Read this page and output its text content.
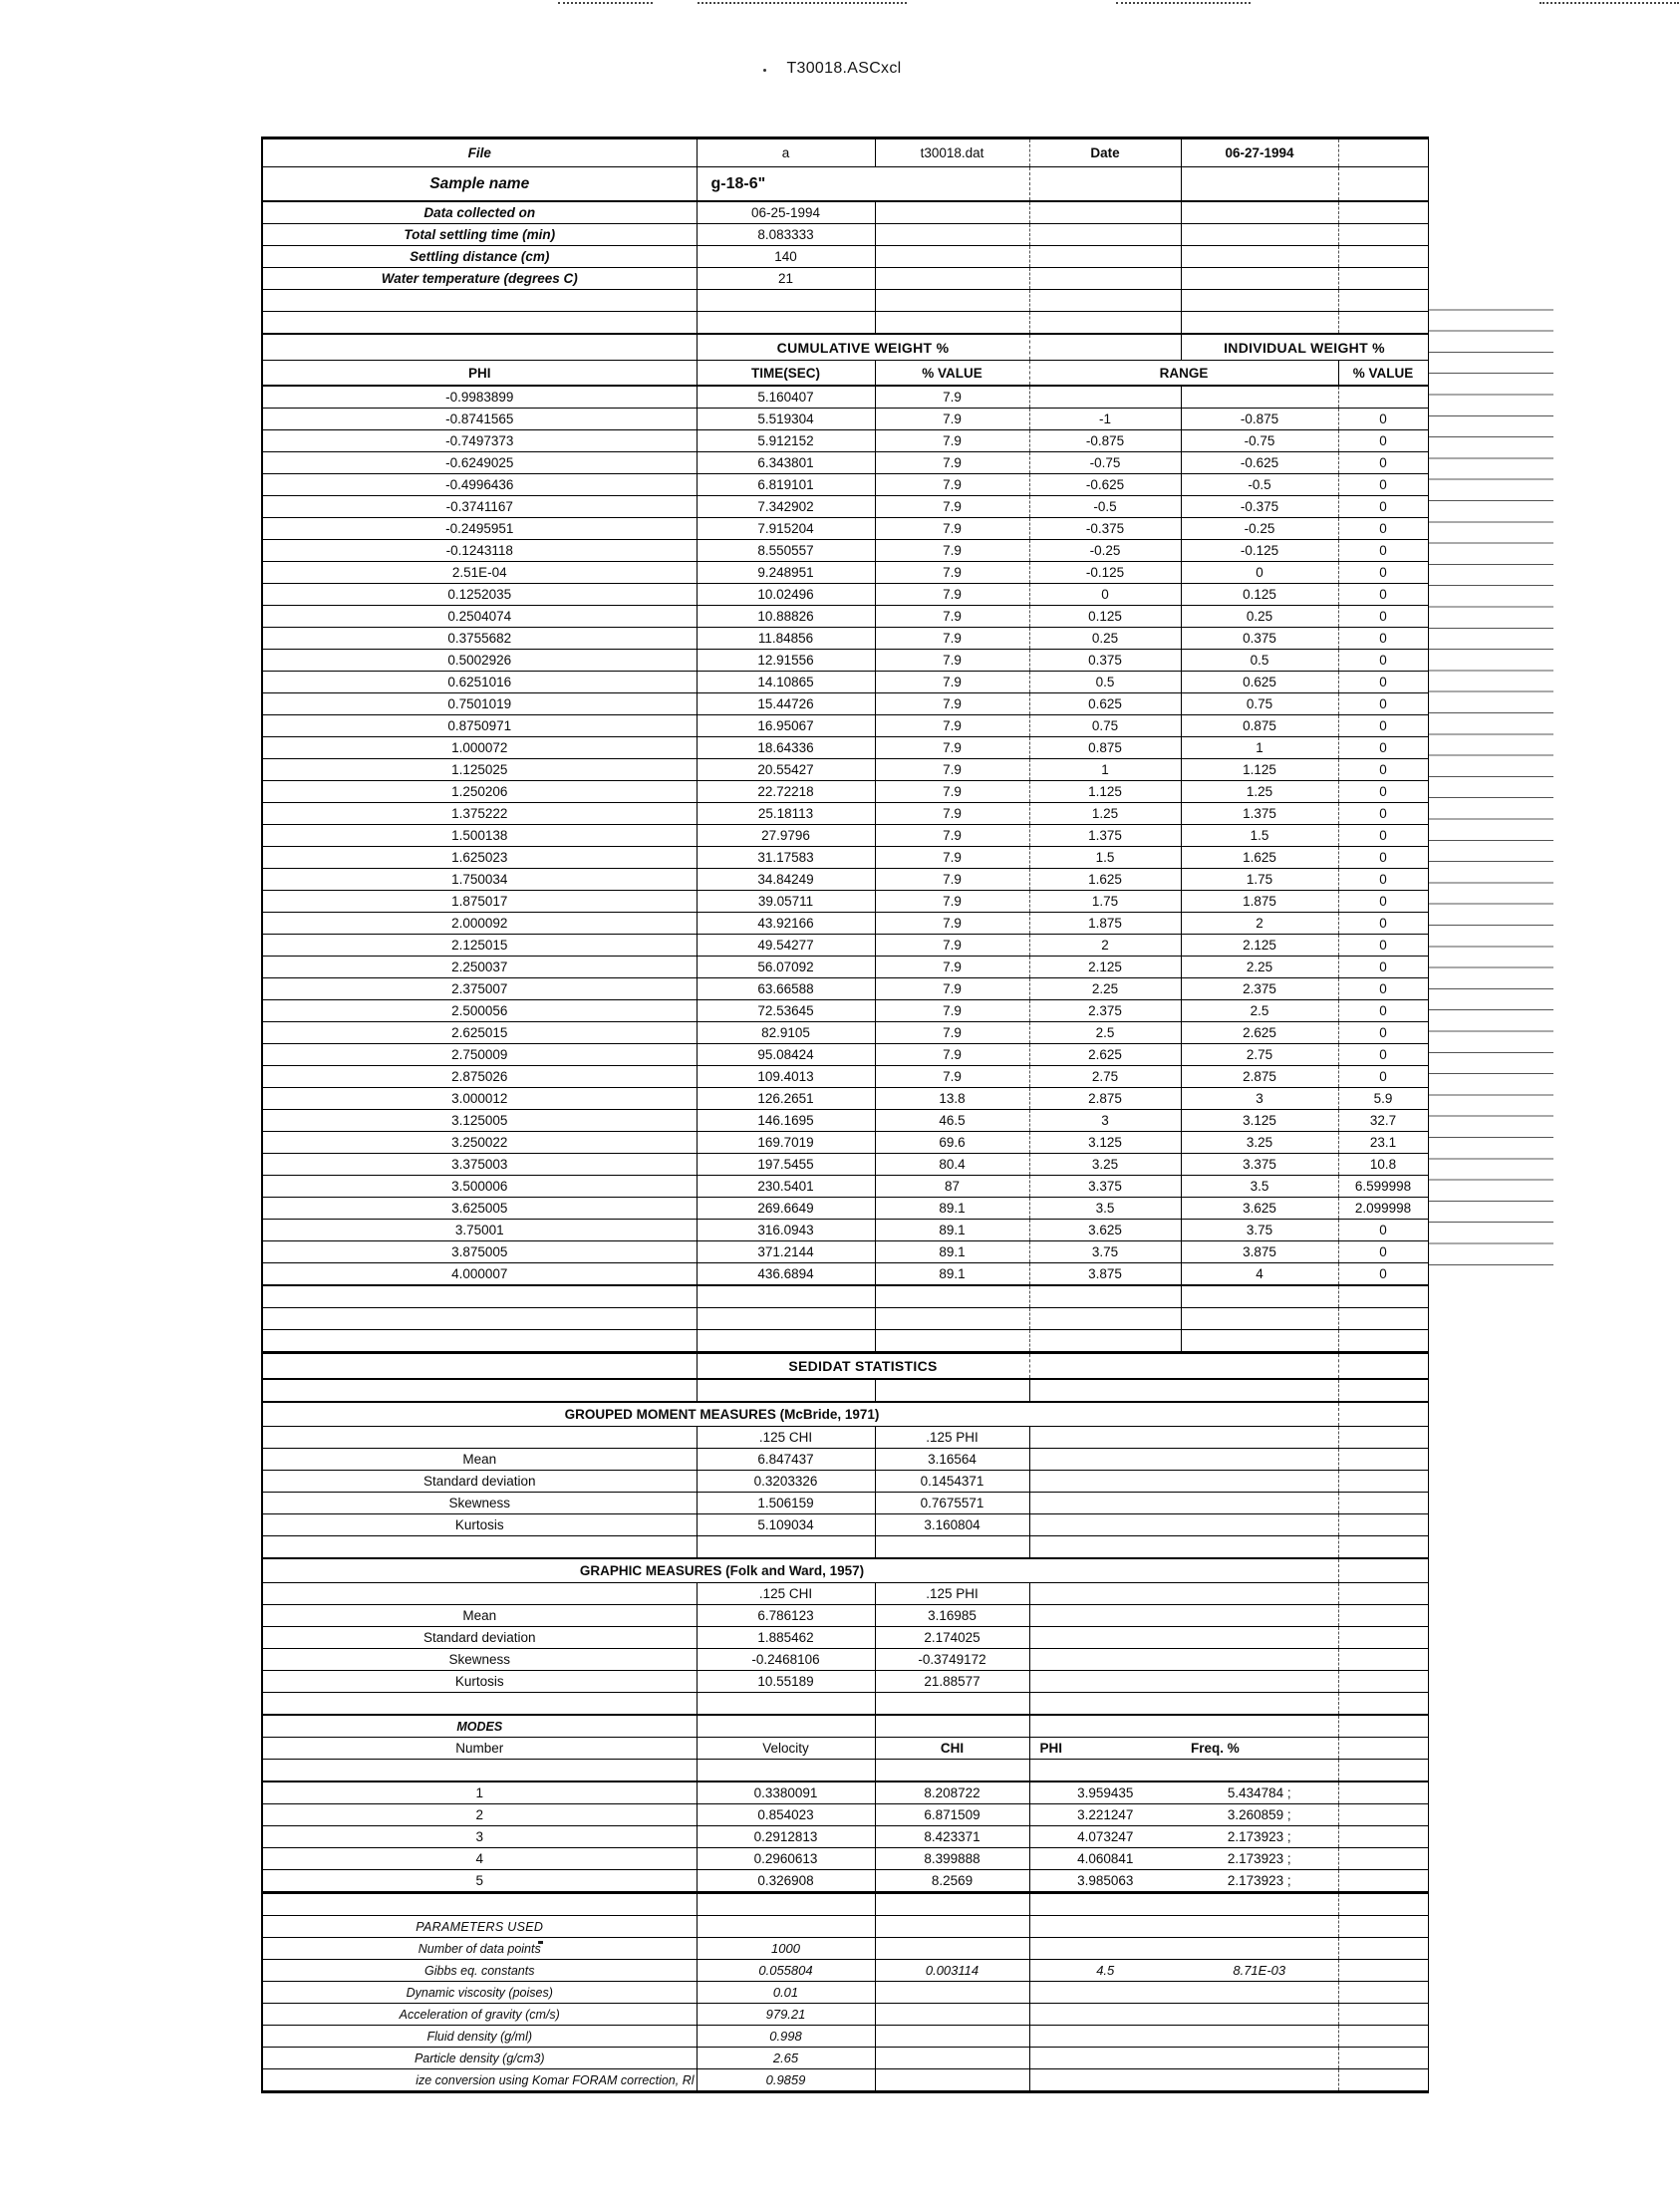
T30018.ASCxcl
File	a	t30018.dat	Date	06-27-1994	
Sample name	g-18-6"				
Data collected on	06-25-1994				
Total settling time (min)	8.083333				
Settling distance (cm)	140				
Water temperature (degrees C)	21				

	CUMULATIVE WEIGHT %			INDIVIDUAL WEIGHT %	
PHI	TIME(SEC)	% VALUE	RANGE		% VALUE
-0.9983899	5.160407	7.9			
-0.8741565	5.519304	7.9	-1	-0.875	0
-0.7497373	5.912152	7.9	-0.875	-0.75	0
-0.6249025	6.343801	7.9	-0.75	-0.625	0
-0.4996436	6.819101	7.9	-0.625	-0.5	0
-0.3741167	7.342902	7.9	-0.5	-0.375	0
-0.2495951	7.915204	7.9	-0.375	-0.25	0
-0.1243118	8.550557	7.9	-0.25	-0.125	0
2.51E-04	9.248951	7.9	-0.125	0	0
0.1252035	10.02496	7.9	0	0.125	0
0.2504074	10.88826	7.9	0.125	0.25	0
0.3755682	11.84856	7.9	0.25	0.375	0
0.5002926	12.91556	7.9	0.375	0.5	0
0.6251016	14.10865	7.9	0.5	0.625	0
0.7501019	15.44726	7.9	0.625	0.75	0
0.8750971	16.95067	7.9	0.75	0.875	0
1.000072	18.64336	7.9	0.875	1	0
1.125025	20.55427	7.9	1	1.125	0
1.250206	22.72218	7.9	1.125	1.25	0
1.375222	25.18113	7.9	1.25	1.375	0
1.500138	27.9796	7.9	1.375	1.5	0
1.625023	31.17583	7.9	1.5	1.625	0
1.750034	34.84249	7.9	1.625	1.75	0
1.875017	39.05711	7.9	1.75	1.875	0
2.000092	43.92166	7.9	1.875	2	0
2.125015	49.54277	7.9	2	2.125	0
2.250037	56.07092	7.9	2.125	2.25	0
2.375007	63.66588	7.9	2.25	2.375	0
2.500056	72.53645	7.9	2.375	2.5	0
2.625015	82.9105	7.9	2.5	2.625	0
2.750009	95.08424	7.9	2.625	2.75	0
2.875026	109.4013	7.9	2.75	2.875	0
3.000012	126.2651	13.8	2.875	3	5.9
3.125005	146.1695	46.5	3	3.125	32.7
3.250022	169.7019	69.6	3.125	3.25	23.1
3.375003	197.5455	80.4	3.25	3.375	10.8
3.500006	230.5401	87	3.375	3.5	6.599998
3.625005	269.6649	89.1	3.5	3.625	2.099998
3.75001	316.0943	89.1	3.625	3.75	0
3.875005	371.2144	89.1	3.75	3.875	0
4.000007	436.6894	89.1	3.875	4	0

	SEDIDAT STATISTICS				

GROUPED MOMENT MEASURES (McBride, 1971)					
	.125 CHI	.125 PHI			
Mean	6.847437	3.16564			
Standard deviation	0.3203326	0.1454371			
Skewness	1.506159	0.7675571			
Kurtosis	5.109034	3.160804			

GRAPHIC MEASURES (Folk and Ward, 1957)					
	.125 CHI	.125 PHI			
Mean	6.786123	3.16985			
Standard deviation	1.885462	2.174025			
Skewness	-0.2468106	-0.3749172			
Kurtosis	10.55189	21.88577			

MODES					
Number	Velocity	CHI	PHI	Freq. %	

1	0.3380091	8.208722	3.959435	5.434784 ;	
2	0.854023	6.871509	3.221247	3.260859 ;	
3	0.2912813	8.423371	4.073247	2.173923 ;	
4	0.2960613	8.399888	4.060841	2.173923 ;	
5	0.326908	8.2569	3.985063	2.173923 ;	

PARAMETERS USED					
Number of data points	1000				
Gibbs eq. constants	0.055804	0.003114	4.5	8.71E-03	
Dynamic viscosity (poises)	0.01				
Acceleration of gravity (cm/s)	979.21				
Fluid density (g/ml)	0.998				
Particle density (g/cm3)	2.65				

ize conversion using Komar FORAM correction, Rl	0.9859				
